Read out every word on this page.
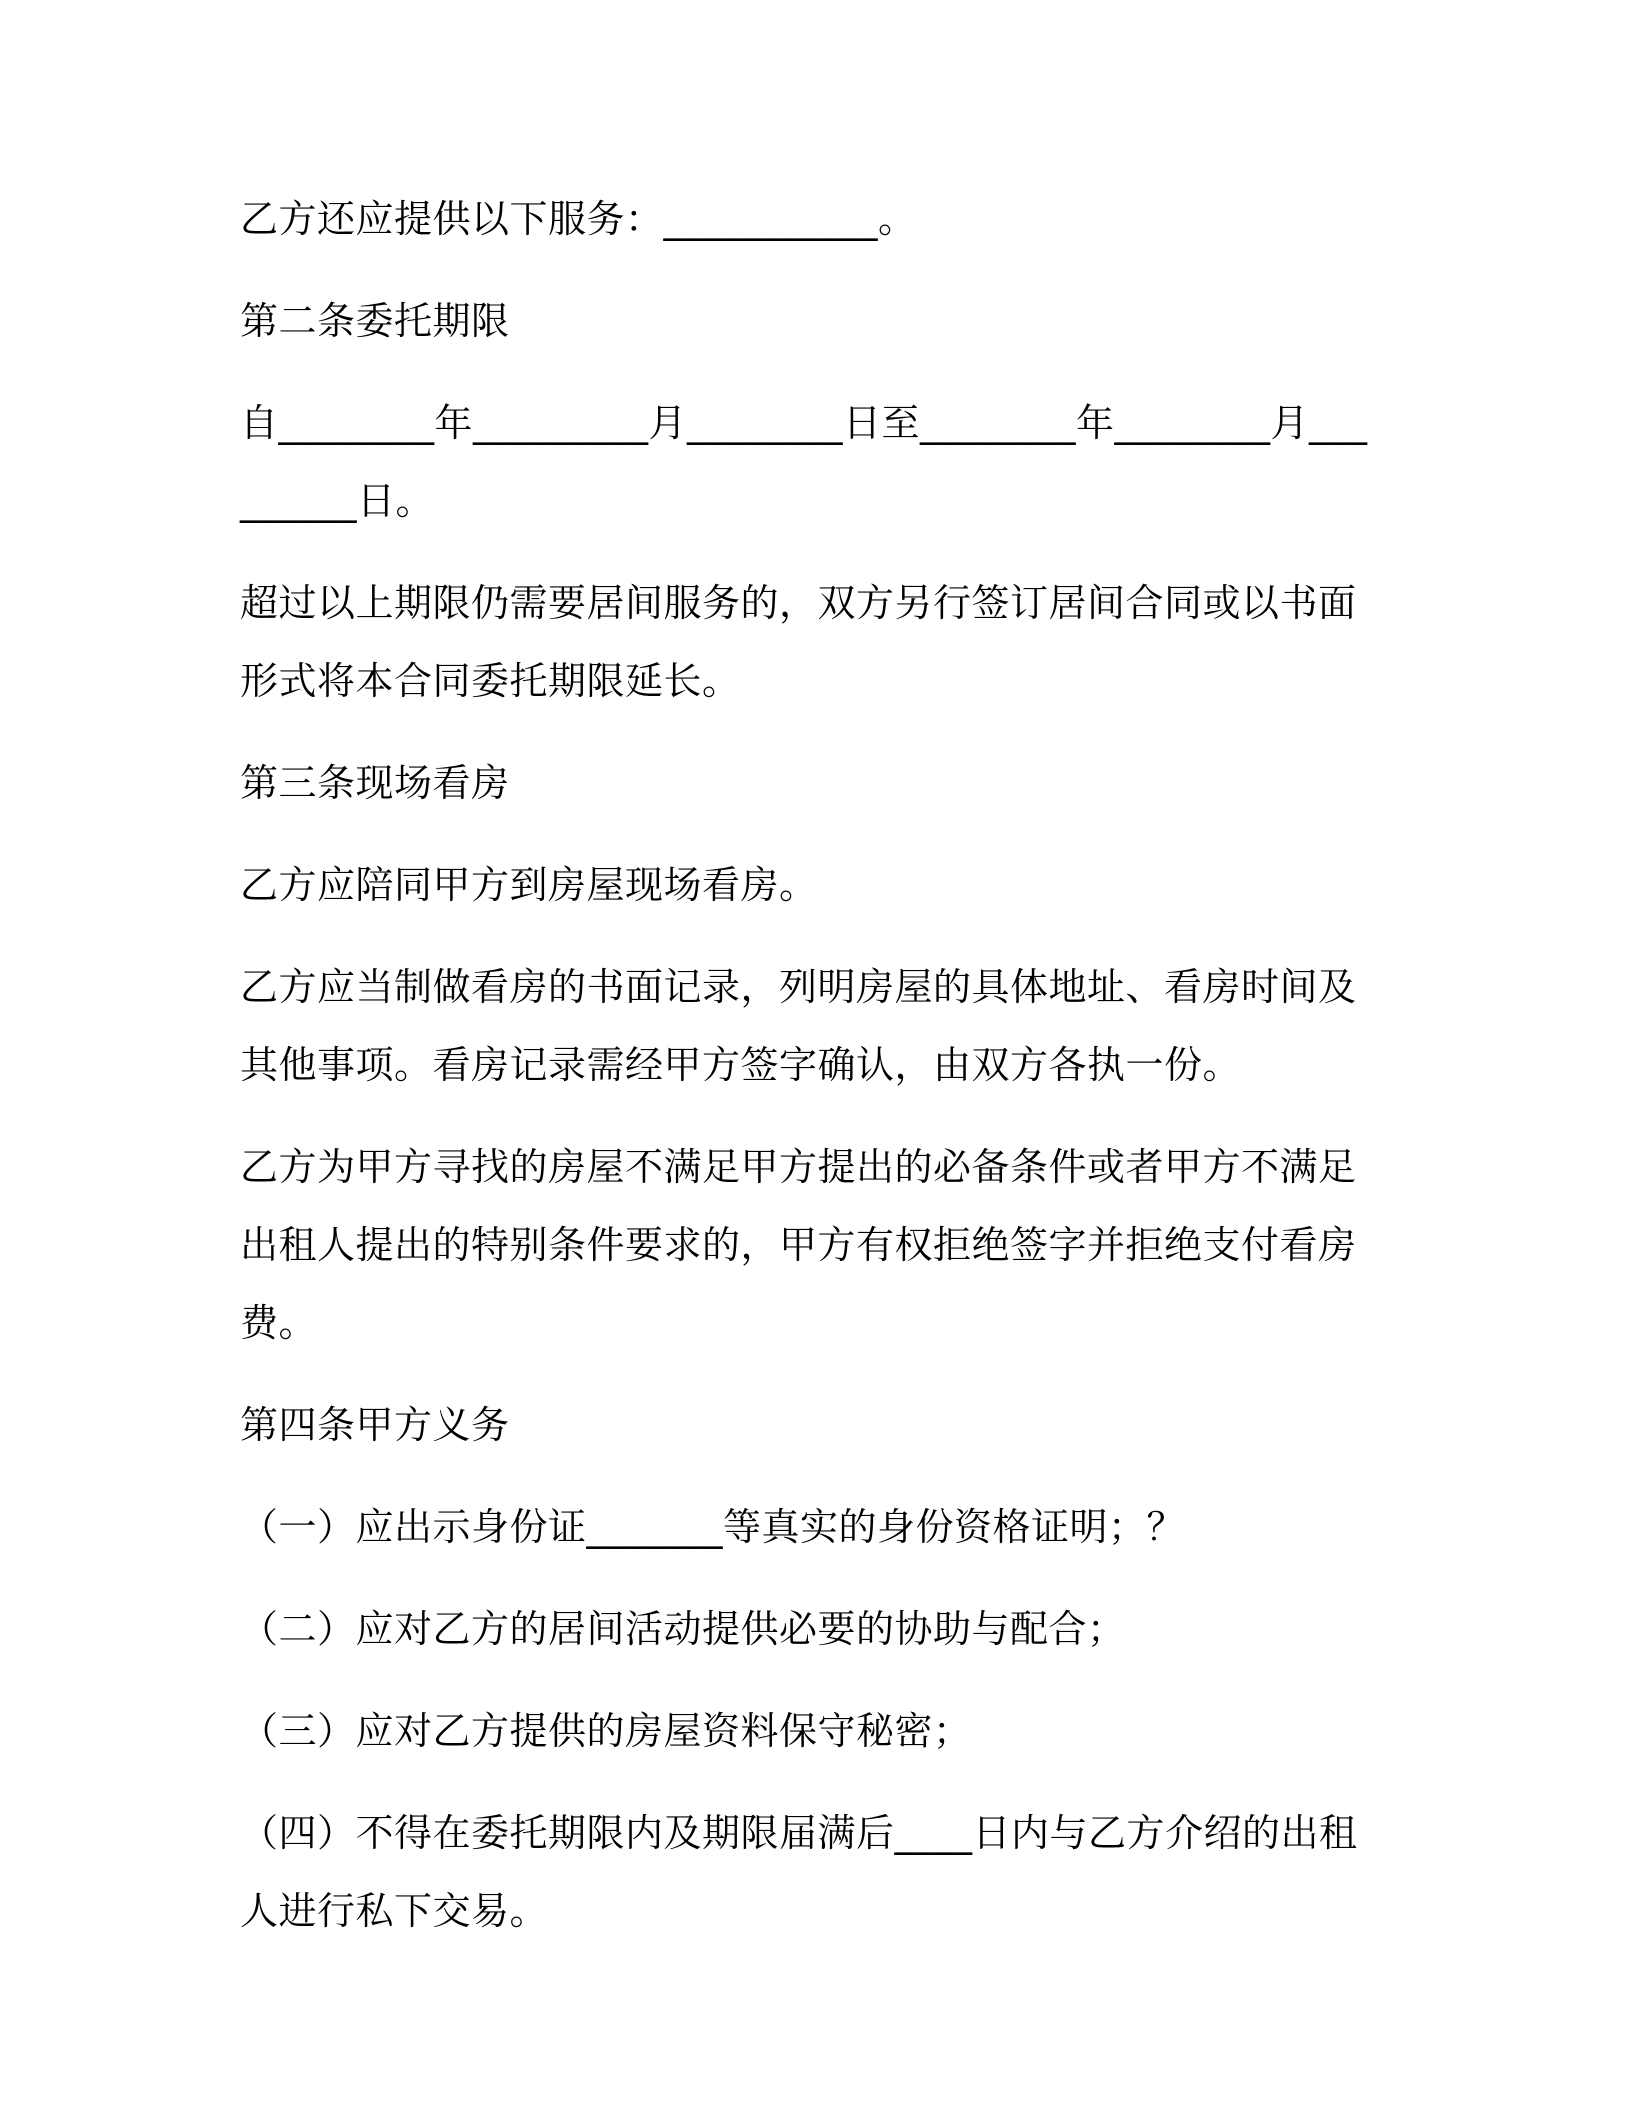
乙方还应提供以下服务：___________。

第二条委托期限

自________年_________月________日至________年________月_________日。

超过以上期限仍需要居间服务的，双方另行签订居间合同或以书面形式将本合同委托期限延长。

第三条现场看房

乙方应陪同甲方到房屋现场看房。

乙方应当制做看房的书面记录，列明房屋的具体地址、看房时间及其他事项。看房记录需经甲方签字确认，由双方各执一份。

乙方为甲方寻找的房屋不满足甲方提出的必备条件或者甲方不满足出租人提出的特别条件要求的，甲方有权拒绝签字并拒绝支付看房费。

第四条甲方义务

（一）应出示身份证_______等真实的身份资格证明；？

（二）应对乙方的居间活动提供必要的协助与配合；

（三）应对乙方提供的房屋资料保守秘密；

（四）不得在委托期限内及期限届满后____日内与乙方介绍的出租人进行私下交易。
